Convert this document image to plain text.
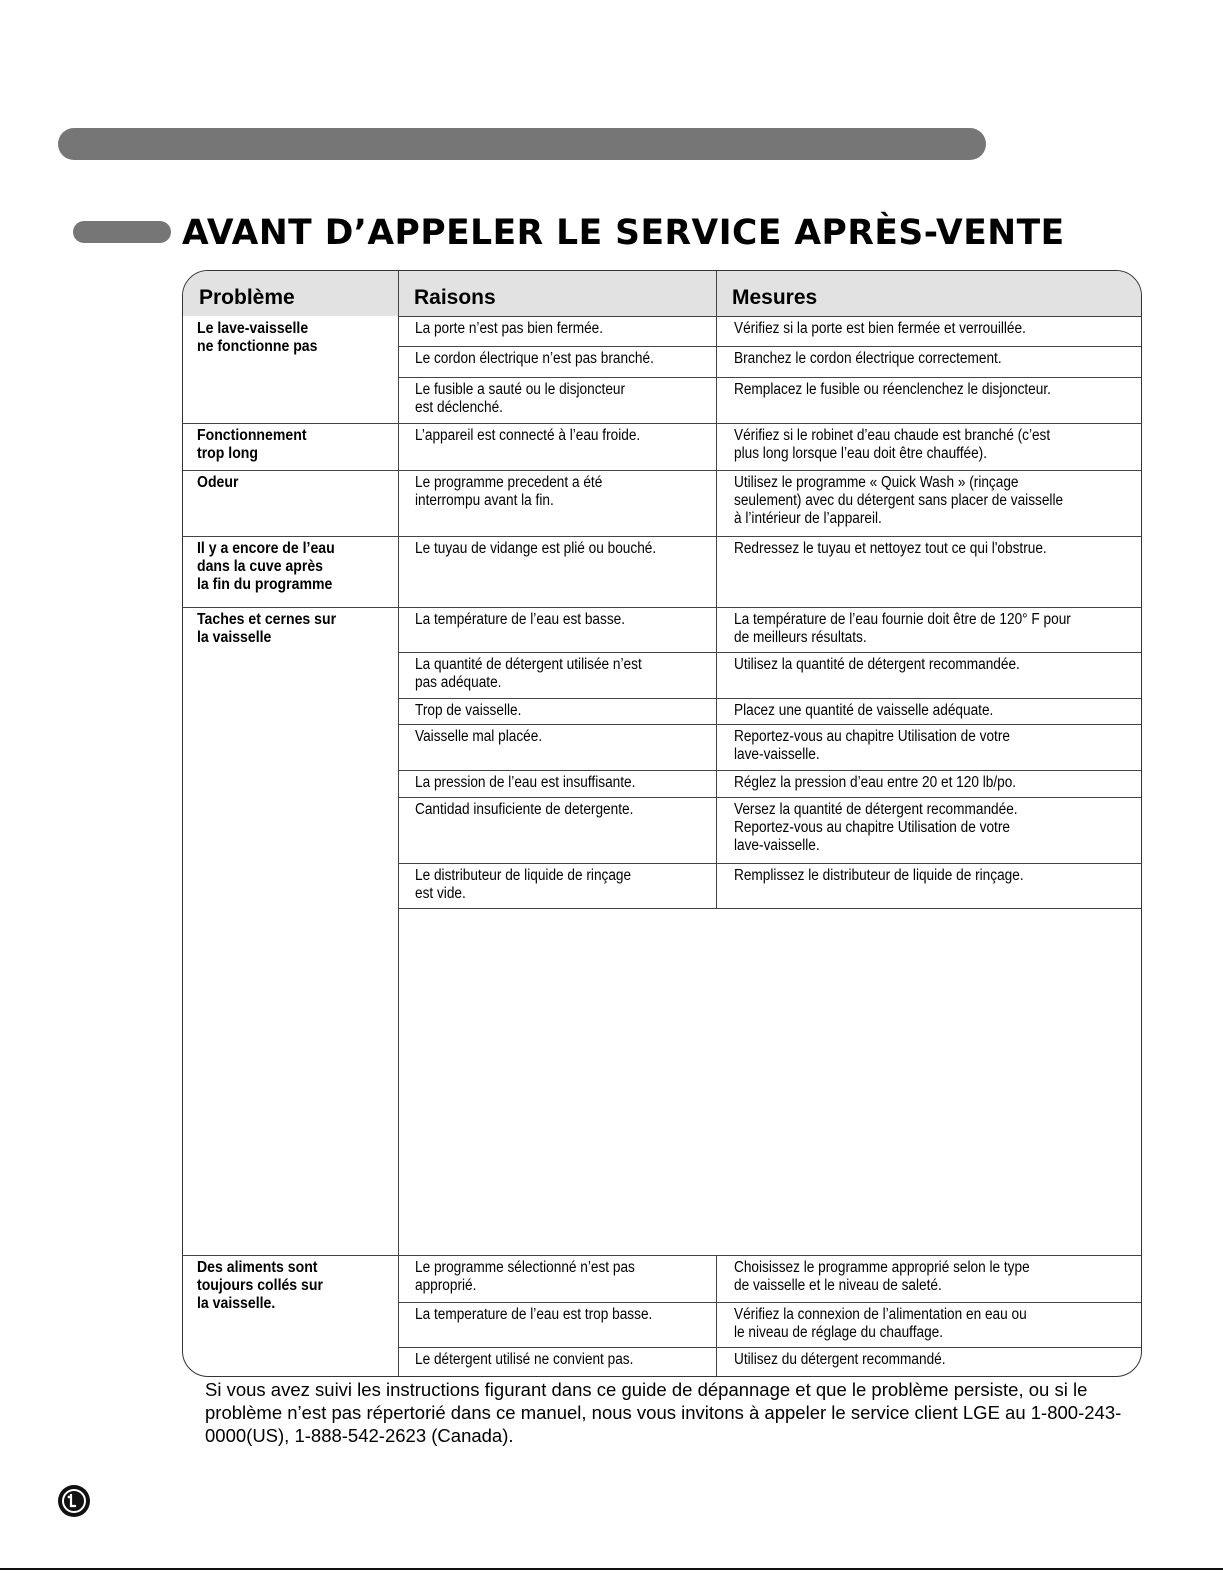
AVANT D’APPELER LE SERVICE APRÈS-VENTE
Problème	Raisons	Mesures
Le lave-vaisselle
ne fonctionne pas
Fonctionnement
trop long
Odeur
Il y a encore de l’eau
dans la cuve après
la fin du programme
Taches et cernes sur
la vaisselle
Des aliments sont
toujours collés sur
la vaisselle.
La porte n’est pas bien fermée.
Le cordon électrique n’est pas branché.
Le fusible a sauté ou le disjoncteur
est déclenché.
L’appareil est connecté à l’eau froide.
Le programme precedent a été
interrompu avant la fin.
Le tuyau de vidange est plié ou bouché.
La température de l’eau est basse.
La quantité de détergent utilisée n’est
pas adéquate.
Trop de vaisselle.
Vaisselle mal placée.
La pression de l’eau est insuffisante.
Cantidad insuficiente de detergente.
Le distributeur de liquide de rinçage
est vide.
Le programme sélectionné n’est pas
approprié.
La temperature de l’eau est trop basse.
Le détergent utilisé ne convient pas.
Vérifiez si la porte est bien fermée et verrouillée.
Branchez le cordon électrique correctement.
Remplacez le fusible ou réenclenchez le disjoncteur.
Vérifiez si le robinet d’eau chaude est branché (c’est
plus long lorsque l’eau doit être chauffée).
Utilisez le programme « Quick Wash » (rinçage
seulement) avec du détergent sans placer de vaisselle
à l’intérieur de l’appareil.
Redressez le tuyau et nettoyez tout ce qui l'obstrue.
La température de l’eau fournie doit être de 120° F pour
de meilleurs résultats.
Utilisez la quantité de détergent recommandée.
Placez une quantité de vaisselle adéquate.
Reportez-vous au chapitre Utilisation de votre
lave-vaisselle.
Réglez la pression d’eau entre 20 et 120 lb/po.
Versez la quantité de détergent recommandée.
Reportez-vous au chapitre Utilisation de votre
lave-vaisselle.
Remplissez le distributeur de liquide de rinçage.
Choisissez le programme approprié selon le type
de vaisselle et le niveau de saleté.
Vérifiez la connexion de l’alimentation en eau ou
le niveau de réglage du chauffage.
Utilisez du détergent recommandé.
Si vous avez suivi les instructions figurant dans ce guide de dépannage et que le problème persiste, ou si le problème n’est pas répertorié dans ce manuel, nous vous invitons à appeler le service client LGE au 1-800-243-0000(US), 1-888-542-2623 (Canada).
